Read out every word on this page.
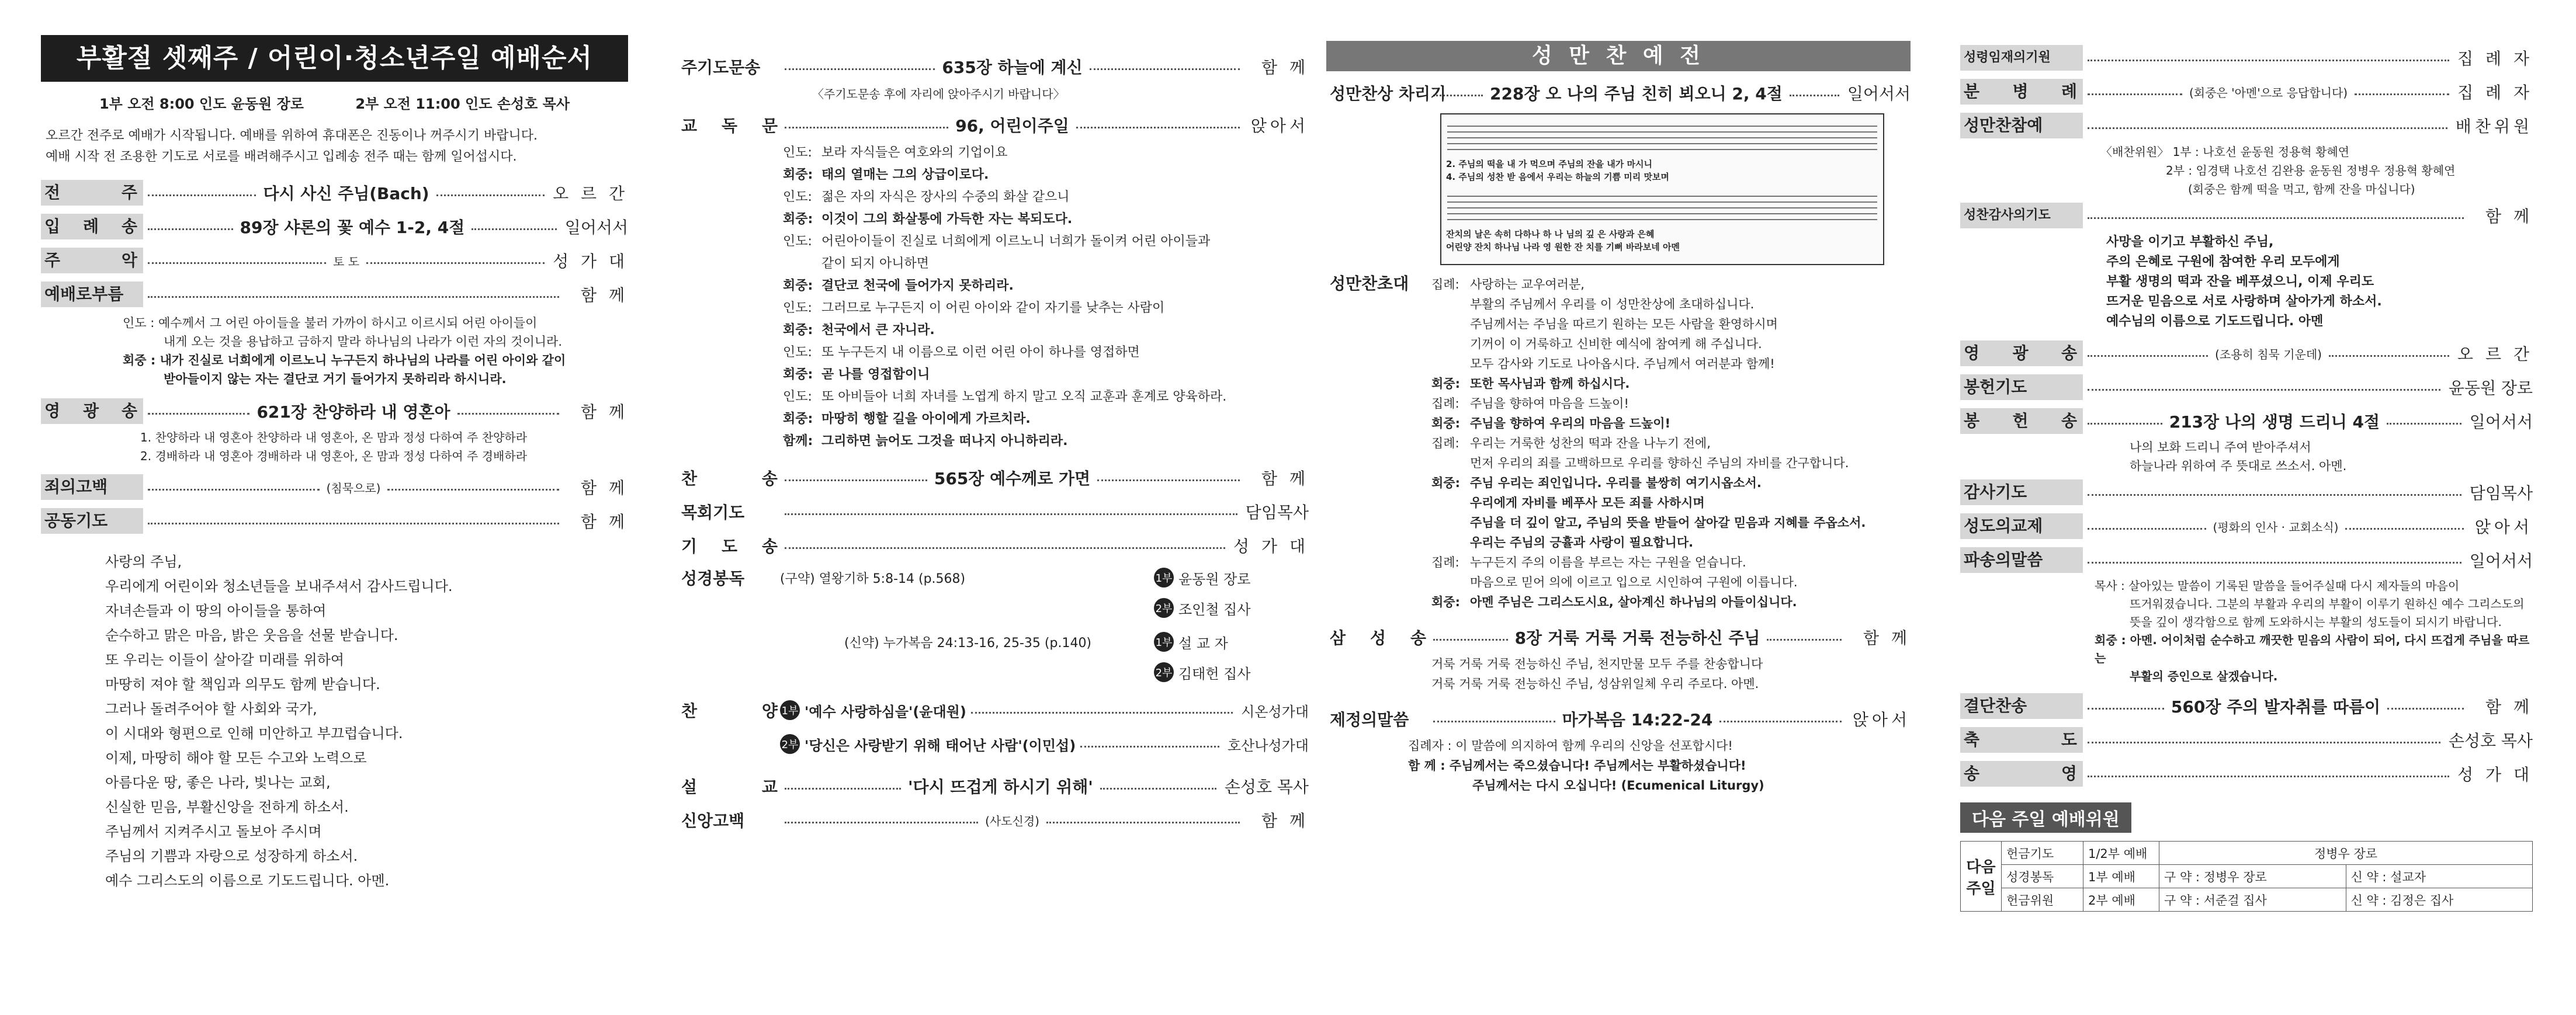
부활절 셋째주 / 어린이·청소년주일 예배순서
1부 오전 8:00 인도 윤동원 장로	2부 오전 11:00 인도 손성호 목사
오르간 전주로 예배가 시작됩니다. 예배를 위하여 휴대폰은 진동이나 꺼주시기 바랍니다.
예배 시작 전 조용한 기도로 서로를 배려해주시고 입례송 전주 때는 함께 일어섭시다.
전 주	다시 사신 주님(Bach)	오 르 간
입 례 송	89장 샤론의 꽃 예수 1-2, 4절	일어서서
주 악	토 도	성 가 대
예배로부름	함 께
인도 : 예수께서 그 어린 아이들을 불러 가까이 하시고 이르시되 어린 아이들이
내게 오는 것을 용납하고 금하지 말라 하나님의 나라가 이런 자의 것이니라.
회중 : 내가 진실로 너희에게 이르노니 누구든지 하나님의 나라를 어린 아이와 같이
받아들이지 않는 자는 결단코 거기 들어가지 못하리라 하시니라.
영 광 송	621장 찬양하라 내 영혼아	함 께
1. 찬양하라 내 영혼아 찬양하라 내 영혼아, 온 맘과 정성 다하여 주 찬양하라
2. 경배하라 내 영혼아 경배하라 내 영혼아, 온 맘과 정성 다하여 주 경배하라
죄의고백	(침묵으로)	함 께
공동기도	함 께
사랑의 주님,
우리에게 어린이와 청소년들을 보내주셔서 감사드립니다.
자녀손들과 이 땅의 아이들을 통하여
순수하고 맑은 마음, 밝은 웃음을 선물 받습니다.
또 우리는 이들이 살아갈 미래를 위하여
마땅히 져야 할 책임과 의무도 함께 받습니다.
그러나 돌려주어야 할 사회와 국가,
이 시대와 형편으로 인해 미안하고 부끄럽습니다.
이제, 마땅히 해야 할 모든 수고와 노력으로
아름다운 땅, 좋은 나라, 빛나는 교회,
신실한 믿음, 부활신앙을 전하게 하소서.
주님께서 지켜주시고 돌보아 주시며
주님의 기쁨과 자랑으로 성장하게 하소서.
예수 그리스도의 이름으로 기도드립니다. 아멘.
주기도문송	635장 하늘에 계신	함 께
〈주기도문송 후에 자리에 앉아주시기 바랍니다〉
교 독 문	96, 어린이주일	앉아서
인도: 보라 자식들은 여호와의 기업이요
회중: 태의 열매는 그의 상급이로다.
인도: 젊은 자의 자식은 장사의 수중의 화살 같으니
회중: 이것이 그의 화살통에 가득한 자는 복되도다.
인도: 어린아이들이 진실로 너희에게 이르노니 너희가 돌이켜 어린 아이들과
같이 되지 아니하면
회중: 결단코 천국에 들어가지 못하리라.
인도: 그러므로 누구든지 이 어린 아이와 같이 자기를 낮추는 사람이
회중: 천국에서 큰 자니라.
인도: 또 누구든지 내 이름으로 이런 어린 아이 하나를 영접하면
회중: 곧 나를 영접함이니
인도: 또 아비들아 너희 자녀를 노엽게 하지 말고 오직 교훈과 훈계로 양육하라.
회중: 마땅히 행할 길을 아이에게 가르치라.
함께: 그리하면 늙어도 그것을 떠나지 아니하리라.
찬 송	565장 예수께로 가면	함 께
목회기도	담임목사
기 도 송	성 가 대
성경봉독	(구약) 열왕기하 5:8-14 (p.568)	1부 윤동원 장로
2부 조인철 집사
(신약) 누가복음 24:13-16, 25-35 (p.140)	1부 설 교 자
2부 김태헌 집사
찬 양 1부 '예수 사랑하심을'(윤대원)	시온성가대
2부 '당신은 사랑받기 위해 태어난 사람'(이민섭)	호산나성가대
설 교	'다시 뜨겁게 하시기 위해'	손성호 목사
신앙고백	(사도신경)	함 께
성 만 찬 예 전
성만찬상 차리기	228장 오 나의 주님 친히 뵈오니 2, 4절	일어서서
2. 주님의 떡을 내 가 먹으며 주님의 잔을 내가 마시니
4. 주님의 성찬 받 음에서 우리는 하늘의 기쁨 미리 맛보며
잔치의 날은 속히 다하나 하 나 님의 깊 은 사랑과 은혜
어린양 잔치 하나님 나라 영 원한 잔 치를 기뻐 바라보네 아멘
성만찬초대	집례: 사랑하는 교우여러분,
부활의 주님께서 우리를 이 성만찬상에 초대하십니다.
주님께서는 주님을 따르기 원하는 모든 사람을 환영하시며
기꺼이 이 거룩하고 신비한 예식에 참여케 해 주십니다.
모두 감사와 기도로 나아옵시다. 주님께서 여러분과 함께!
회중: 또한 목사님과 함께 하십시다.
집례: 주님을 향하여 마음을 드높이!
회중: 주님을 향하여 우리의 마음을 드높이!
집례: 우리는 거룩한 성찬의 떡과 잔을 나누기 전에,
먼저 우리의 죄를 고백하므로 우리를 향하신 주님의 자비를 간구합니다.
회중: 주님 우리는 죄인입니다. 우리를 불쌍히 여기시옵소서.
우리에게 자비를 베푸사 모든 죄를 사하시며
주님을 더 깊이 알고, 주님의 뜻을 받들어 살아갈 믿음과 지혜를 주옵소서.
우리는 주님의 긍휼과 사랑이 필요합니다.
집례: 누구든지 주의 이름을 부르는 자는 구원을 얻습니다.
마음으로 믿어 의에 이르고 입으로 시인하여 구원에 이릅니다.
회중: 아멘 주님은 그리스도시요, 살아계신 하나님의 아들이십니다.
삼 성 송	8장 거룩 거룩 거룩 전능하신 주님	함 께
거룩 거룩 거룩 전능하신 주님, 천지만물 모두 주를 찬송합니다
거룩 거룩 거룩 전능하신 주님, 성삼위일체 우리 주로다. 아멘.
제정의말씀	마가복음 14:22-24	앉아서
집례자 : 이 말씀에 의지하여 함께 우리의 신앙을 선포합시다!
함 께 : 주님께서는 죽으셨습니다! 주님께서는 부활하셨습니다!
주님께서는 다시 오십니다! (Ecumenical Liturgy)
성령임재의기원	집 례 자
분 병 례	(회중은 '아멘'으로 응답합니다)	집 례 자
성만찬참예	배찬위원
〈배찬위원〉 1부 : 나호선 윤동원 정용혁 황혜연
2부 : 임경택 나호선 김완용 윤동원 정병우 정용혁 황혜연
(회중은 함께 떡을 먹고, 함께 잔을 마십니다)
성찬감사의기도	함 께
사망을 이기고 부활하신 주님,
주의 은혜로 구원에 참여한 우리 모두에게
부활 생명의 떡과 잔을 베푸셨으니, 이제 우리도
뜨거운 믿음으로 서로 사랑하며 살아가게 하소서.
예수님의 이름으로 기도드립니다. 아멘
영 광 송	(조용히 침묵 기운데)	오 르 간
봉헌기도	윤동원 장로
봉 헌 송	213장 나의 생명 드리니 4절	일어서서
나의 보화 드리니 주여 받아주셔서
하늘나라 위하여 주 뜻대로 쓰소서. 아멘.
감사기도	담임목사
성도의교제	(평화의 인사 · 교회소식)	앉아서
파송의말씀	일어서서
목사 : 살아있는 말씀이 기록된 말씀을 들어주실때 다시 제자들의 마음이
뜨거워졌습니다. 그분의 부활과 우리의 부활이 이루기 원하신 예수 그리스도의
뜻을 깊이 생각함으로 함께 도와하시는 부활의 성도들이 되시기 바랍니다.
회중 : 아멘. 어이처럼 순수하고 깨끗한 믿음의 사람이 되어, 다시 뜨겁게 주님을 따르는
부활의 증인으로 살겠습니다.
결단찬송	560장 주의 발자취를 따름이	함 께
축 도	손성호 목사
송 영	성 가 대
다음 주일 예배위원
다음
주일	헌금기도	1/2부 예배	정병우 장로	
	성경봉독	1부 예배	구 약 : 정병우 장로	신 약 : 설교자
	헌금위원	2부 예배	구 약 : 서준걸 집사	신 약 : 김정은 집사
